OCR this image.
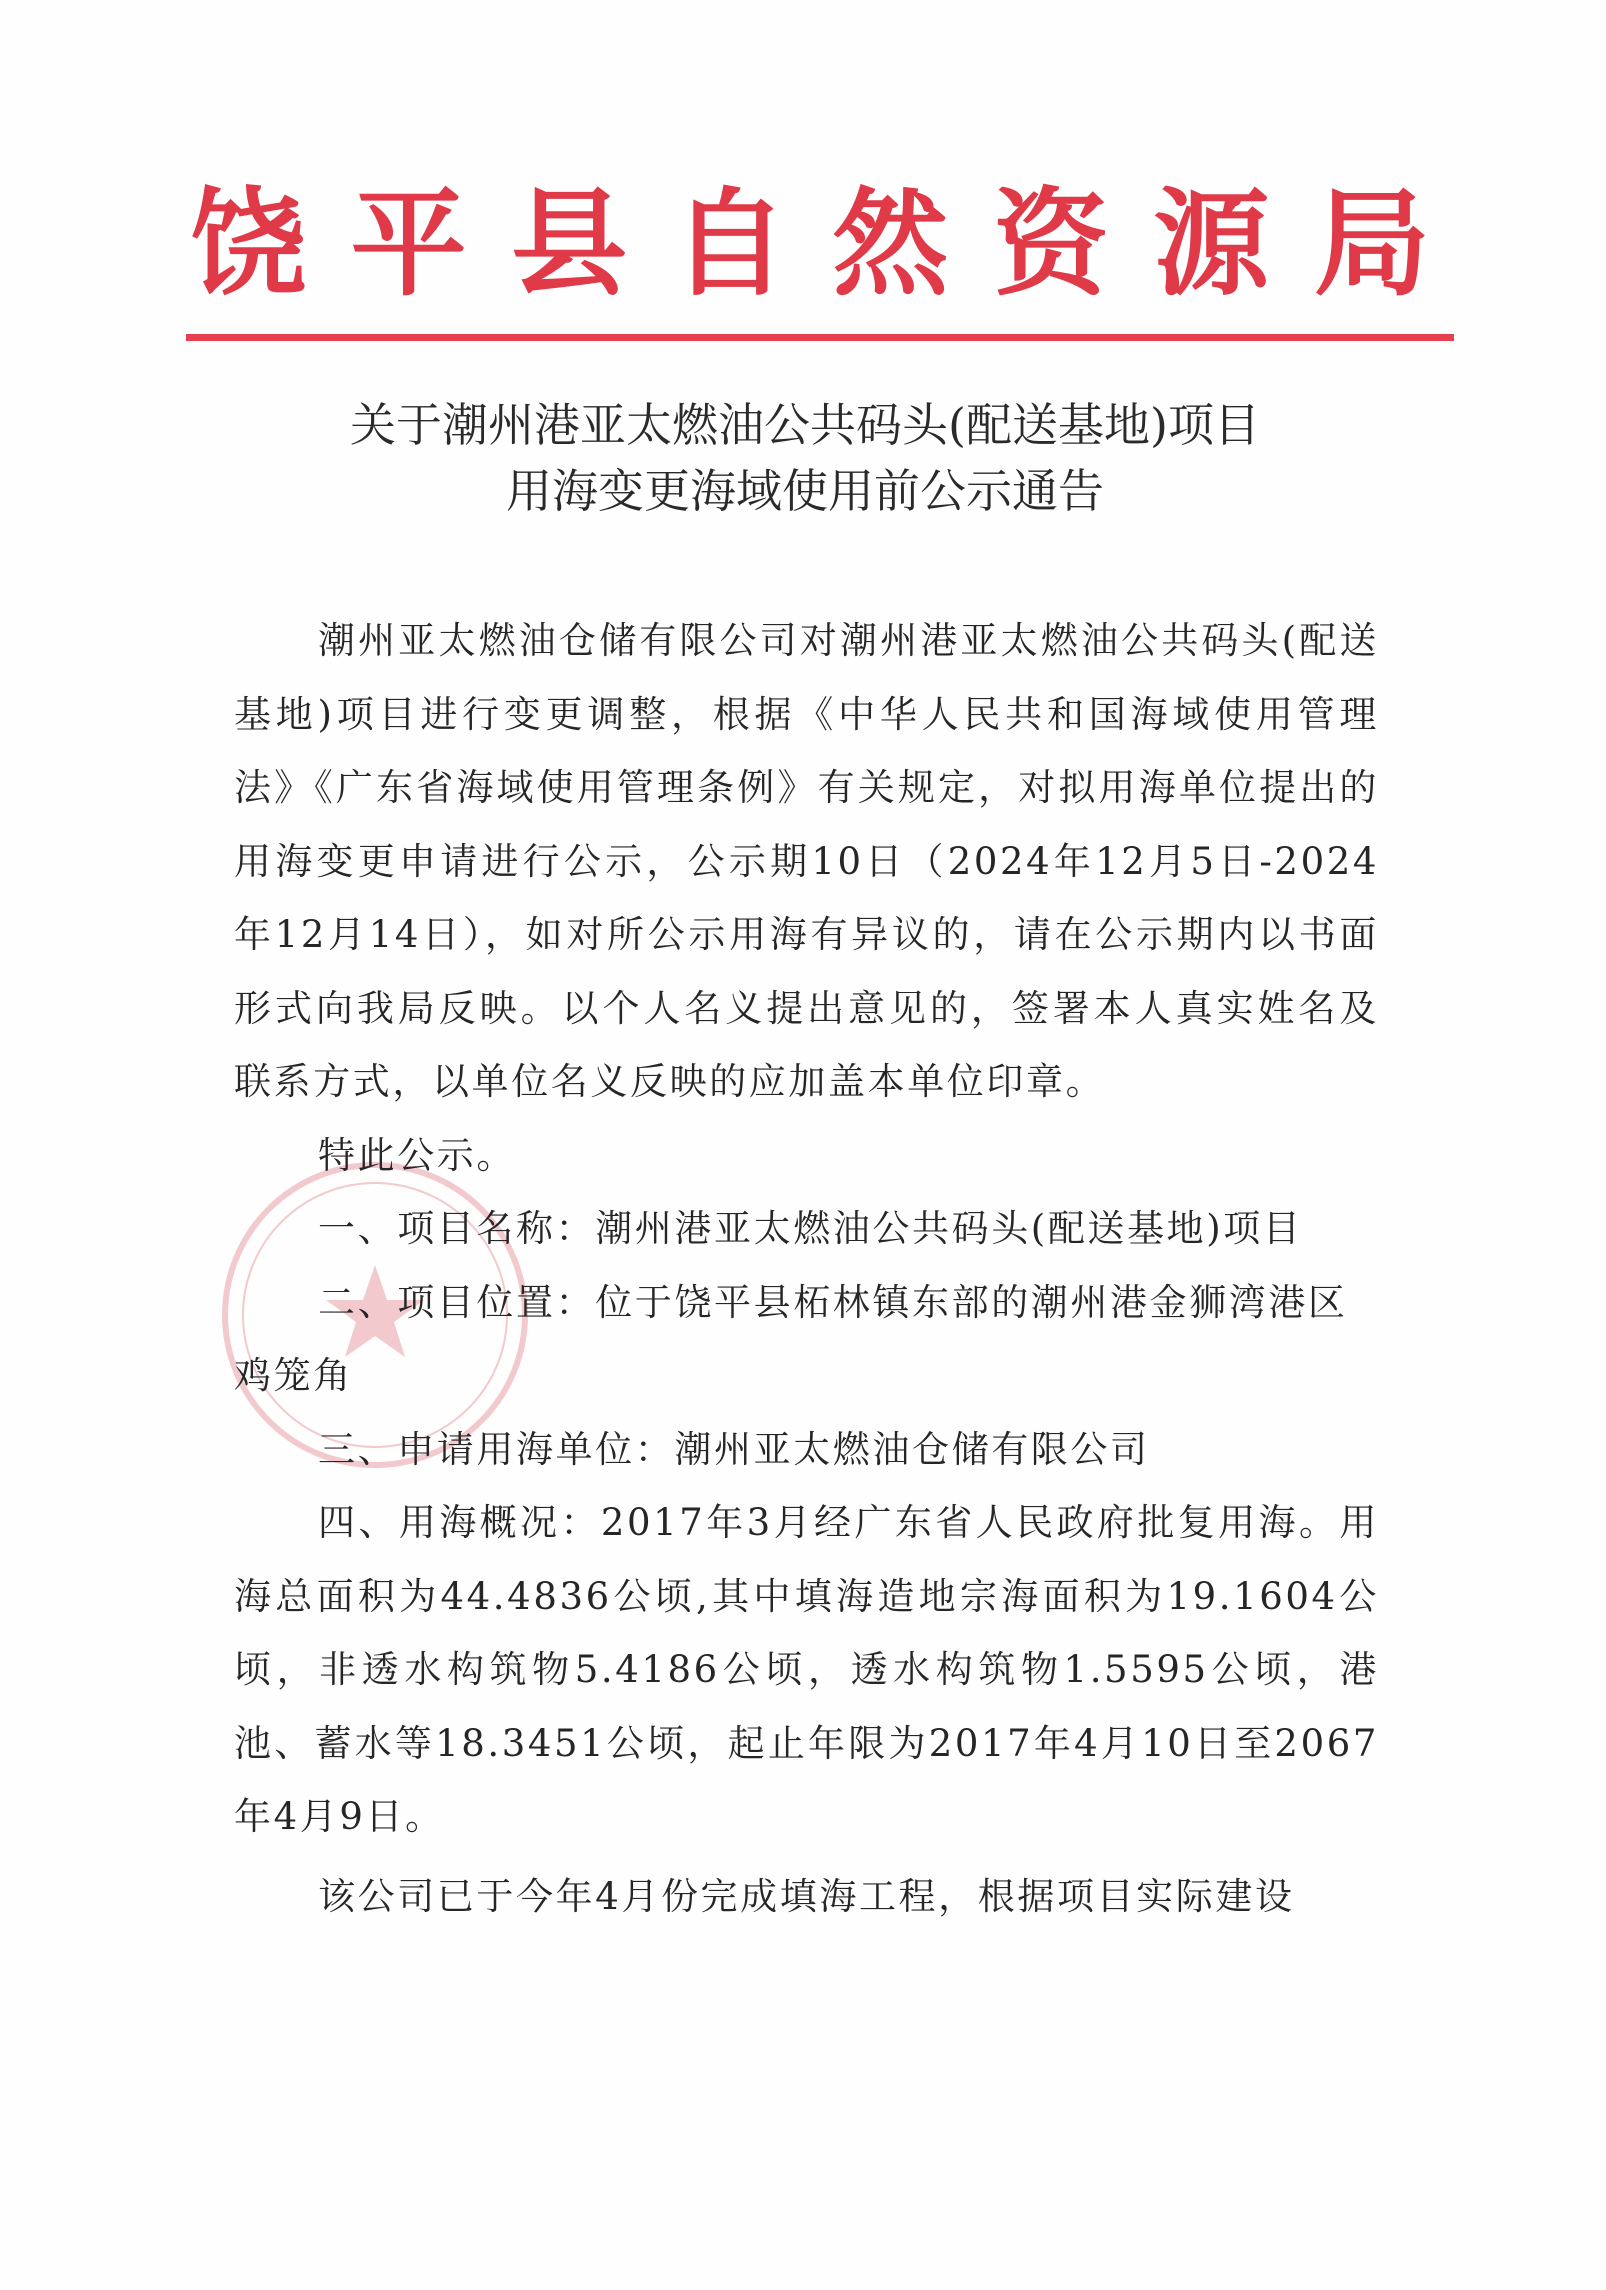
饶 平 县 自 然 资 源 局
关于潮州港亚太燃油公共码头(配送基地)项目
用海变更海域使用前公示通告

潮州亚太燃油仓储有限公司对潮州港亚太燃油公共码头(配送基地)项目进行变更调整，根据《中华人民共和国海域使用管理法》《广东省海域使用管理条例》有关规定，对拟用海单位提出的用海变更申请进行公示，公示期10日（2024年12月5日-2024年12月14日），如对所公示用海有异议的，请在公示期内以书面形式向我局反映。以个人名义提出意见的，签署本人真实姓名及联系方式，以单位名义反映的应加盖本单位印章。

特此公示。

一、项目名称：潮州港亚太燃油公共码头(配送基地)项目

二、项目位置：位于饶平县柘林镇东部的潮州港金狮湾港区鸡笼角

三、申请用海单位：潮州亚太燃油仓储有限公司

四、用海概况：2017年3月经广东省人民政府批复用海。用海总面积为44.4836公顷,其中填海造地宗海面积为19.1604公顷，非透水构筑物5.4186公顷，透水构筑物1.5595公顷，港池、蓄水等18.3451公顷，起止年限为2017年4月10日至2067年4月9日。

该公司已于今年4月份完成填海工程，根据项目实际建设
